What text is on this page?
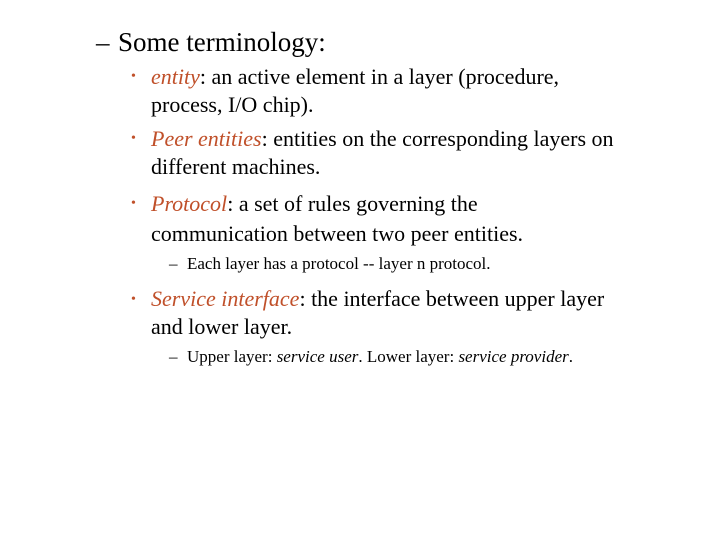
– Some terminology:
• entity: an active element in a layer (procedure,
process, I/O chip).
• Peer entities: entities on the corresponding layers on
different machines.
• Protocol: a set of rules governing the
communication between two peer entities.
– Each layer has a protocol -- layer n protocol.
• Service interface: the interface between upper layer
and lower layer.
– Upper layer: service user. Lower layer: service provider.
